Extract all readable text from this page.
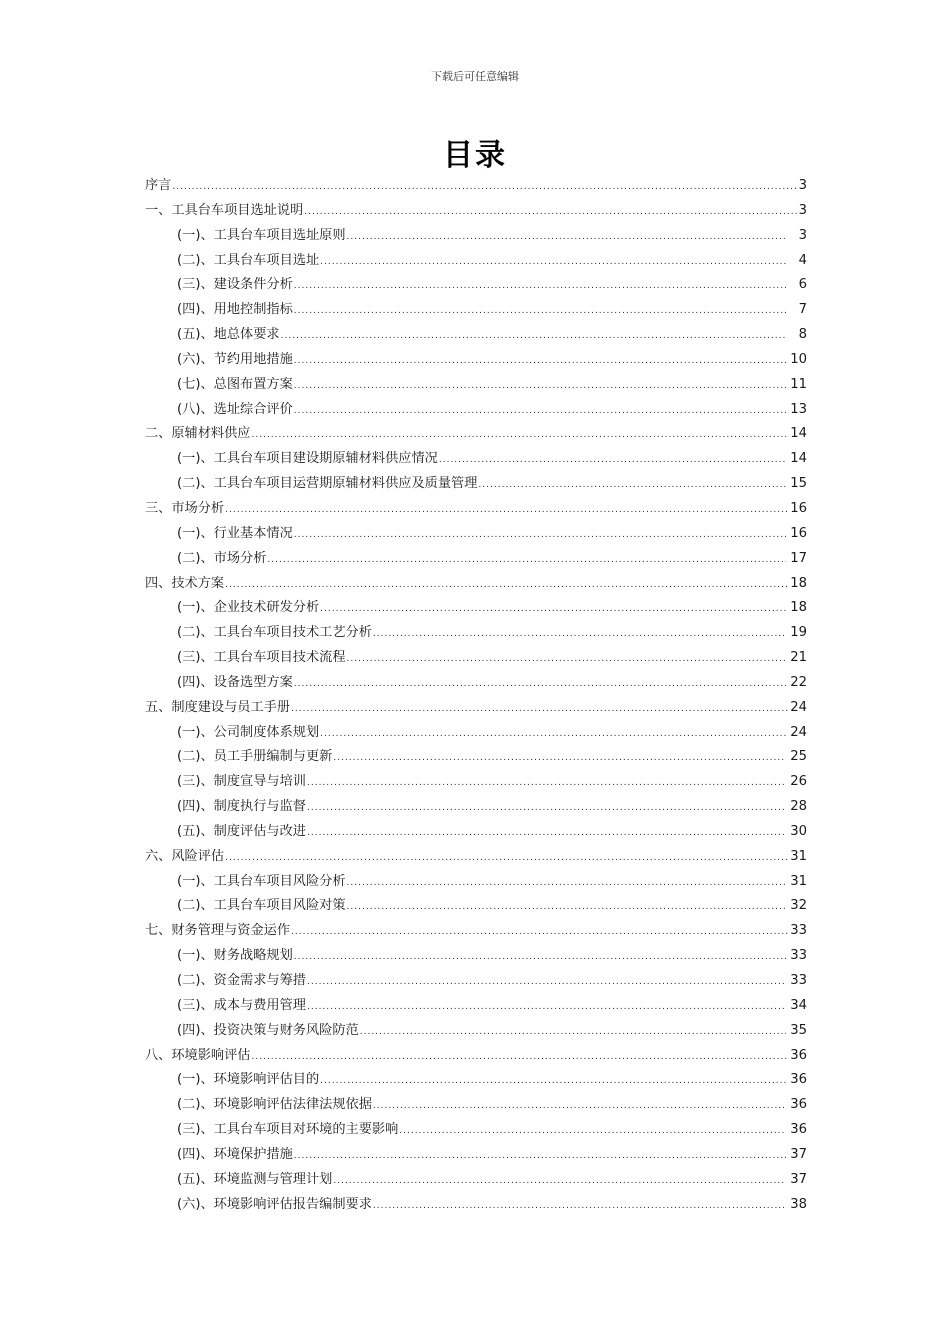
下载后可任意编辑
目录
序言 .....	3
一、工具台车项目选址说明 .....	3
(一)、工具台车项目选址原则 .....	3
(二)、工具台车项目选址 .....	4
(三)、建设条件分析 .....	6
(四)、用地控制指标 .....	7
(五)、地总体要求 .....	8
(六)、节约用地措施 .....	10
(七)、总图布置方案 .....	11
(八)、选址综合评价 .....	13
二、原辅材料供应 .....	14
(一)、工具台车项目建设期原辅材料供应情况 .....	14
(二)、工具台车项目运营期原辅材料供应及质量管理 .....	15
三、市场分析 .....	16
(一)、行业基本情况 .....	16
(二)、市场分析 .....	17
四、技术方案 .....	18
(一)、企业技术研发分析 .....	18
(二)、工具台车项目技术工艺分析 .....	19
(三)、工具台车项目技术流程 .....	21
(四)、设备选型方案 .....	22
五、制度建设与员工手册 .....	24
(一)、公司制度体系规划 .....	24
(二)、员工手册编制与更新 .....	25
(三)、制度宣导与培训 .....	26
(四)、制度执行与监督 .....	28
(五)、制度评估与改进 .....	30
六、风险评估 .....	31
(一)、工具台车项目风险分析 .....	31
(二)、工具台车项目风险对策 .....	32
七、财务管理与资金运作 .....	33
(一)、财务战略规划 .....	33
(二)、资金需求与筹措 .....	33
(三)、成本与费用管理 .....	34
(四)、投资决策与财务风险防范 .....	35
八、环境影响评估 .....	36
(一)、环境影响评估目的 .....	36
(二)、环境影响评估法律法规依据 .....	36
(三)、工具台车项目对环境的主要影响 .....	36
(四)、环境保护措施 .....	37
(五)、环境监测与管理计划 .....	37
(六)、环境影响评估报告编制要求 .....	38
